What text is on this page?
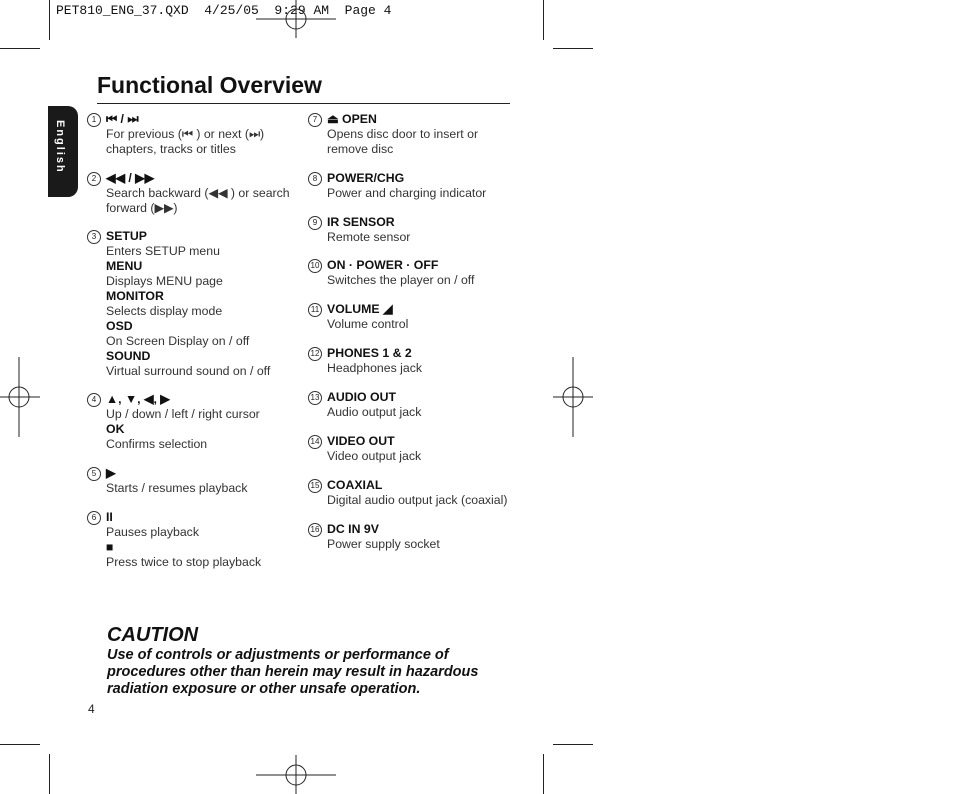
PET810_ENG_37.QXD  4/25/05  9:29 AM  Page 4
English
Functional Overview
1 ⏮ / ⏭
For previous (⏮ ) or next (⏭)
chapters, tracks or titles
2 ◀◀ / ▶▶
Search backward (◀◀ ) or search
forward (▶▶)
3 SETUP
Enters SETUP menu
MENU
Displays MENU page
MONITOR
Selects display mode
OSD
On Screen Display on / off
SOUND
Virtual surround sound on / off
4 ▲, ▼, ◀, ▶
Up / down / left / right cursor
OK
Confirms selection
5 ▶
Starts / resumes playback
6 II
Pauses playback
■
Press twice to stop playback
7 ⏏ OPEN
Opens disc door to insert or
remove disc
8 POWER/CHG
Power and charging indicator
9 IR SENSOR
Remote sensor
10 ON · POWER · OFF
Switches the player on / off
11 VOLUME ◢
Volume control
12 PHONES 1 & 2
Headphones jack
13 AUDIO OUT
Audio output jack
14 VIDEO OUT
Video output jack
15 COAXIAL
Digital audio output jack (coaxial)
16 DC IN 9V
Power supply socket
CAUTION
Use of controls or adjustments or performance of procedures other than herein may result in hazardous radiation exposure or other unsafe operation.
4
